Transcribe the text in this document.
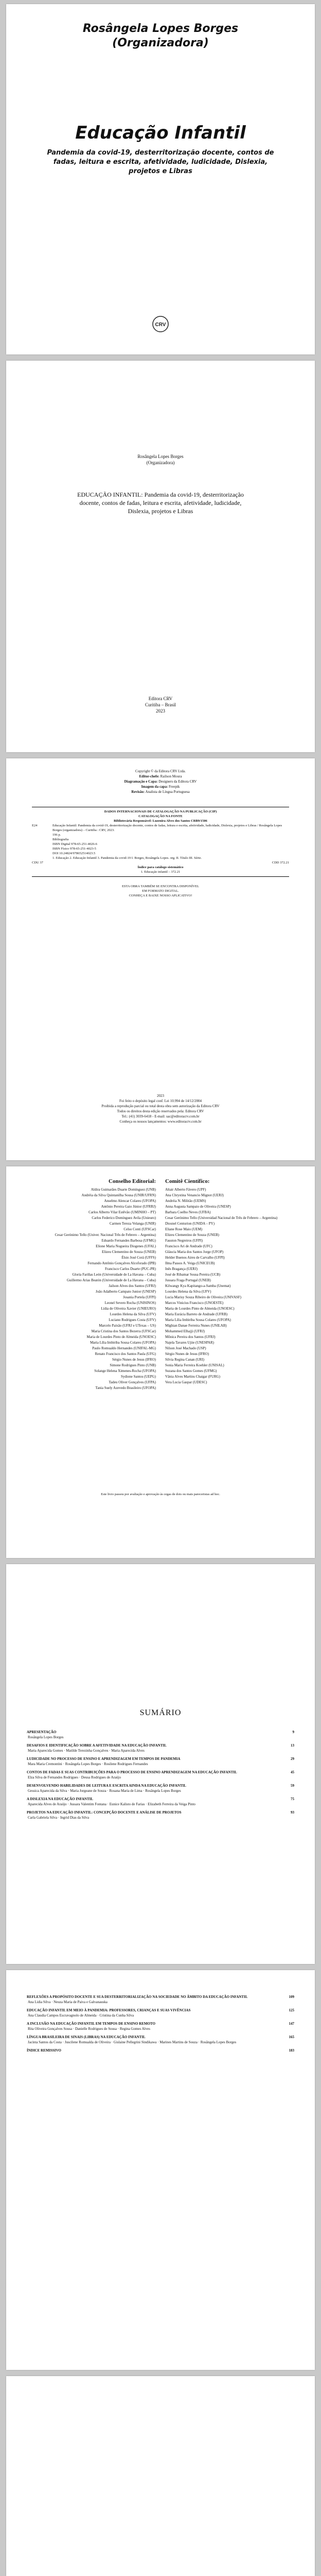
Rosângela Lopes Borges
(Organizadora)
Educação Infantil
Pandemia da covid-19, desterritorização docente, contos de fadas, leitura e escrita, afetividade, ludicidade, Dislexia, projetos e Libras
CRV
Rosângela Lopes Borges
(Organizadora)
EDUCAÇÃO INFANTIL: Pandemia da covid-19, desterritorização docente, contos de fadas, leitura e escrita, afetividade, ludicidade, Dislexia, projetos e Libras
Editora CRV
Curitiba – Brasil
2023
Copyright © da Editora CRV Ltda.
Editor-chefe: Railson Moura
Diagramação e Capa: Designers da Editora CRV
Imagem da capa: Freepik
Revisão: Analista de Língua Portuguesa
DADOS INTERNACIONAIS DE CATALOGAÇÃO NA PUBLICAÇÃO (CIP)
CATALOGAÇÃO NA FONTE
Bibliotecária Responsável: Luzenira Alves dos Santos CRB9/1506
E24	Educação Infantil: Pandemia da covid-19, desterritorização docente, contos de fadas, leitura e escrita, afetividade, ludicidade, Dislexia, projetos e Libras / Rosângela Lopes Borges (organizadora) – Curitiba : CRV, 2023.
196 p.
Bibliografia
ISBN Digital 978-65-251-4026-6
ISBN Físico 978-65-251-4023-5
DOI 10.24824/978652514023.5
1. Educação 2. Educação Infantil 3. Pandemia da covid-19 I. Borges, Rosângela Lopes. org. II. Título III. Série.
CDU 37	CDD 372.21
Índice para catálogo sistemático
1. Educação infantil – 372.21
ESTA OBRA TAMBÉM SE ENCONTRA DISPONÍVEL
EM FORMATO DIGITAL.
CONHEÇA E BAIXE NOSSO APLICATIVO!
2023
Foi feito o depósito legal conf. Lei 10.994 de 14/12/2004
Proibida a reprodução parcial ou total desta obra sem autorização da Editora CRV
Todos os direitos desta edição reservados pela: Editora CRV
Tel.: (41) 3039-6418 - E-mail: sac@editoracrv.com.br
Conheça os nossos lançamentos: www.editoracrv.com.br
Conselho Editorial:
Aldira Guimarães Duarte Domínguez (UNB)
Andréia da Silva Quintanilha Sousa (UNIR/UFRN)
Anselmo Alencar Colares (UFOPA)
Antônio Pereira Gaio Júnior (UFRRJ)
Carlos Alberto Vilar Estêvão (UMINHO – PT)
Carlos Federico Domínguez Avila (Unieuro)
Carmen Tereza Velanga (UNIR)
Celso Conti (UFSCar)
Cesar Gerónimo Tello (Univer. Nacional Três de Febrero – Argentina)
Eduardo Fernandes Barbosa (UFMG)
Elione Maria Nogueira Diogenes (UFAL)
Elizeu Clementino de Souza (UNEB)
Élsio José Corá (UFFS)
Fernando Antônio Gonçalves Alcoforado (IPB)
Francisco Carlos Duarte (PUC-PR)
Gloria Fariñas León (Universidade de La Havana – Cuba)
Guillermo Arias Beatón (Universidade de La Havana – Cuba)
Jailson Alves dos Santos (UFRJ)
João Adalberto Campato Junior (UNESP)
Josania Portela (UFPI)
Leonel Severo Rocha (UNISINOS)
Lídia de Oliveira Xavier (UNIEURO)
Lourdes Helena da Silva (UFV)
Luciano Rodrigues Costa (UFV)
Marcelo Paixão (UFRJ e UTexas – US)
Maria Cristina dos Santos Bezerra (UFSCar)
Maria de Lourdes Pinto de Almeida (UNOESC)
Maria Lília Imbiriba Sousa Colares (UFOPA)
Paulo Romualdo Hernandes (UNIFAL-MG)
Renato Francisco dos Santos Paula (UFG)
Sérgio Nunes de Jesus (IFRO)
Simone Rodrigues Pinto (UNB)
Solange Helena Ximenes-Rocha (UFOPA)
Sydione Santos (UEPG)
Tadeu Oliver Gonçalves (UFPA)
Tania Suely Azevedo Brasileiro (UFOPA)
Comitê Científico:
Altair Alberto Fávero (UPF)
Ana Chrystina Venancio Mignot (UERJ)
Andréia N. Militão (UEMS)
Anna Augusta Sampaio de Oliveira (UNESP)
Barbara Coelho Neves (UFBA)
Cesar Gerónimo Tello (Universidad Nacional de Três de Febrero – Argentina)
Diosnel Centurion (UNIDA – PY)
Eliane Rose Maio (UEM)
Elizeu Clementino de Souza (UNEB)
Fauston Negreiros (UFPI)
Francisco Ari de Andrade (UFC)
Gláucia Maria dos Santos Jorge (UFOP)
Helder Buenos Aires de Carvalho (UFPI)
Ilma Passos A. Veiga (UNICEUB)
Inês Bragança (UERJ)
José de Ribamar Sousa Pereira (UCB)
Jussara Fraga Portugal (UNEB)
Kilwangy Kya Kapitango-a-Samba (Unemat)
Lourdes Helena da Silva (UFV)
Lucia Marisy Souza Ribeiro de Oliveira (UNIVASF)
Marcos Vinicius Francisco (UNOESTE)
Maria de Lourdes Pinto de Almeida (UNOESC)
Maria Eurácia Barreto de Andrade (UFRB)
Maria Lília Imbiriba Sousa Colares (UFOPA)
Míghian Danae Ferreira Nunes (UNILAB)
Mohammed Elhajji (UFRJ)
Mônica Pereira dos Santos (UFRJ)
Najela Tavares Ujiie (UNESPAR)
Nilson José Machado (USP)
Sérgio Nunes de Jesus (IFRO)
Silvia Regina Canan (URI)
Sonia Maria Ferreira Koehler (UNISAL)
Suzana dos Santos Gomes (UFMG)
Vânia Alves Martins Chaigar (FURG)
Vera Lucia Gaspar (UDESC)
Este livro passou por avaliação e aprovação às cegas de dois ou mais pareceristas ad hoc.
SUMÁRIO
APRESENTAÇÃO	9
Rosângela Lopes Borges
DESAFIOS E IDENTIFICAÇÃO SOBRE A AFETIVIDADE NA EDUCAÇÃO INFANTIL	13
Maria Aparecida Gomes · Matilde Terezinha Gonçalves · Maria Aparecida Alves
LUDICIDADE NO PROCESSO DE ENSINO E APRENDIZAGEM EM TEMPOS DE PANDEMIA	29
Mara Maria Cremontini · Rosângela Lopes Borges · Rosilene Rodrigues Fernandes
CONTOS DE FADAS E SUAS CONTRIBUIÇÕES PARA O PROCESSO DE ENSINO APRENDIZAGEM NA EDUCAÇÃO INFANTIL	45
Elza Silva de Fernandes Rodrigues · Deusa Rodrigues de Araújo
DESENVOLVENDO HABILIDADES DE LEITURA E ESCRITA AINDA NA EDUCAÇÃO INFANTIL	59
Gessica Aparecida da Silva · Maria Jorgeane de Souza · Rosana Maria de Lima · Rosângela Lopes Borges
A DISLEXIA NA EDUCAÇÃO INFANTIL	75
Aparecida Alves de Araújo · Jussara Valentim Fontana · Eunice Kalisto de Farias · Elizabeth Ferreira da Veiga Pinto
PROJETOS NA EDUCAÇÃO INFANTIL: CONCEPÇÃO DOCENTE E ANÁLISE DE PROJETOS	93
Carla Gabriela Silva · Ingrid Dias da Silva
REFLEXÕES A PROPÓSITO DOCENTE E SUA DESTERRITORIALIZAÇÃO NA SOCIEDADE NO ÂMBITO DA EDUCAÇÃO INFANTIL	109
Ana Lidia Silva · Neuza Maria de Paiva e Galvanauska
EDUCAÇÃO INFANTIL EM MEIO À PANDEMIA: PROFESSORES, CRIANÇAS E SUAS VIVÊNCIAS	125
Ana Claudia Campos Escravagnolo de Almeida · Cristina da Cunha Silva
A INCLUSÃO NA EDUCAÇÃO INFANTIL EM TEMPOS DE ENSINO REMOTO	147
Rita Oliveira Gonçalves Sousa · Danielle Rodrigues de Sousa · Regina Gomes Alves
LÍNGUA BRASILEIRA DE SINAIS (LIBRAS) NA EDUCAÇÃO INFANTIL	165
Jacinta Santos da Costa · Juscilene Romualda de Oliveira · Gislaine Pellegrini Sindikawa · Marines Martins de Souza · Rosângela Lopes Borges
ÍNDICE REMISSIVO	183
